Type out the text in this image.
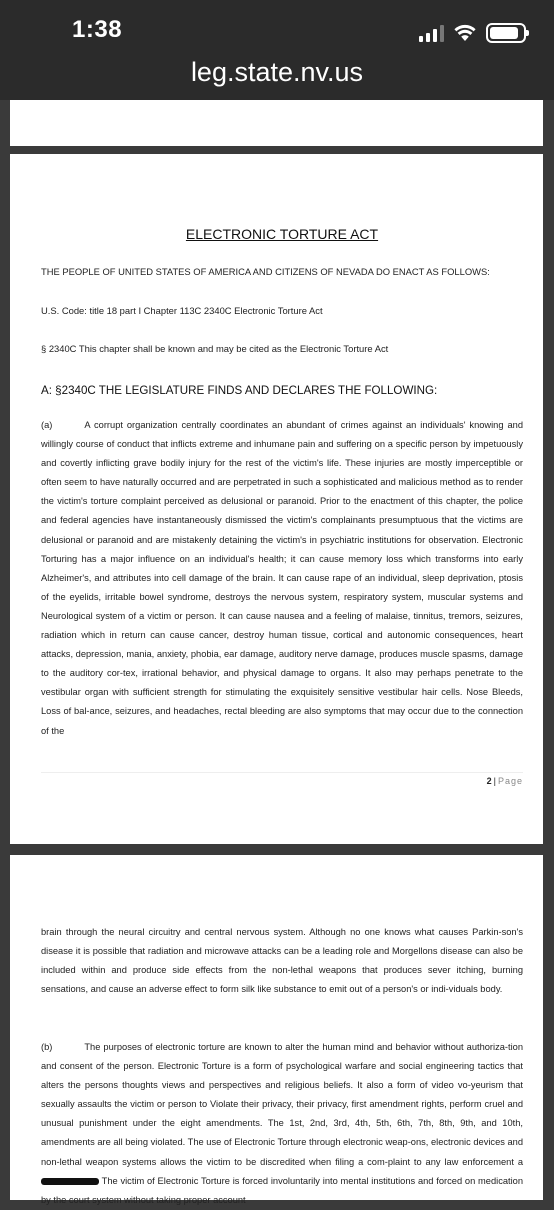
1:38
leg.state.nv.us
ELECTRONIC TORTURE ACT
THE PEOPLE OF UNITED STATES OF AMERICA AND CITIZENS OF NEVADA DO ENACT AS FOLLOWS:
U.S. Code: title 18 part I Chapter 113C 2340C Electronic Torture Act
§ 2340C This chapter shall be known and may be cited as the Electronic Torture Act
A: §2340C THE LEGISLATURE FINDS AND DECLARES THE FOLLOWING:
(a)	A corrupt organization centrally coordinates an abundant of crimes against an individuals' knowing and willingly course of conduct that inflicts extreme and inhumane pain and suffering on a specific person by impetuously and covertly inflicting grave bodily injury for the rest of the victim's life. These injuries are mostly imperceptible or often seem to have naturally occurred and are perpetrated in such a sophisticated and malicious method as to render the victim's torture complaint perceived as delusional or paranoid. Prior to the enactment of this chapter, the police and federal agencies have instantaneously dismissed the victim's complainants presumptuous that the victims are delusional or paranoid and are mistakenly detaining the victim's in psychiatric institutions for observation. Electronic Torturing has a major influence on an individual's health; it can cause memory loss which transforms into early Alzheimer's, and attributes into cell damage of the brain. It can cause rape of an individual, sleep deprivation, ptosis of the eyelids, irritable bowel syndrome, destroys the nervous system, respiratory system, muscular systems and Neurological system of a victim or person. It can cause nausea and a feeling of malaise, tinnitus, tremors, seizures, radiation which in return can cause cancer, destroy human tissue, cortical and autonomic consequences, heart attacks, depression, mania, anxiety, phobia, ear damage, auditory nerve damage, produces muscle spasms, damage to the auditory cor-tex, irrational behavior, and physical damage to organs. It also may perhaps penetrate to the vestibular organ with sufficient strength for stimulating the exquisitely sensitive vestibular hair cells. Nose Bleeds, Loss of bal-ance, seizures, and headaches, rectal bleeding are also symptoms that may occur due to the connection of the
2 | Page
brain through the neural circuitry and central nervous system. Although no one knows what causes Parkin-son's disease it is possible that radiation and microwave attacks can be a leading role and Morgellons disease can also be included within and produce side effects from the non-lethal weapons that produces sever itching, burning sensations, and cause an adverse effect to form silk like substance to emit out of a person's or indi-viduals body.
(b)	The purposes of electronic torture are known to alter the human mind and behavior without authoriza-tion and consent of the person. Electronic Torture is a form of psychological warfare and social engineering tactics that alters the persons thoughts views and perspectives and religious beliefs. It also a form of video vo-yeurism that sexually assaults the victim or person to Violate their privacy, their privacy, first amendment rights, perform cruel and unusual punishment under the eight amendments. The 1st, 2nd, 3rd, 4th, 5th, 6th, 7th, 8th, 9th, and 10th, amendments are all being violated. The use of Electronic Torture through electronic weap-ons, electronic devices and non-lethal weapon systems allows the victim to be discredited when filing a com-plaint to any law enforcement a The victim of Electronic Torture is forced involuntarily into mental institutions and forced on medication by the court system without taking proper account
